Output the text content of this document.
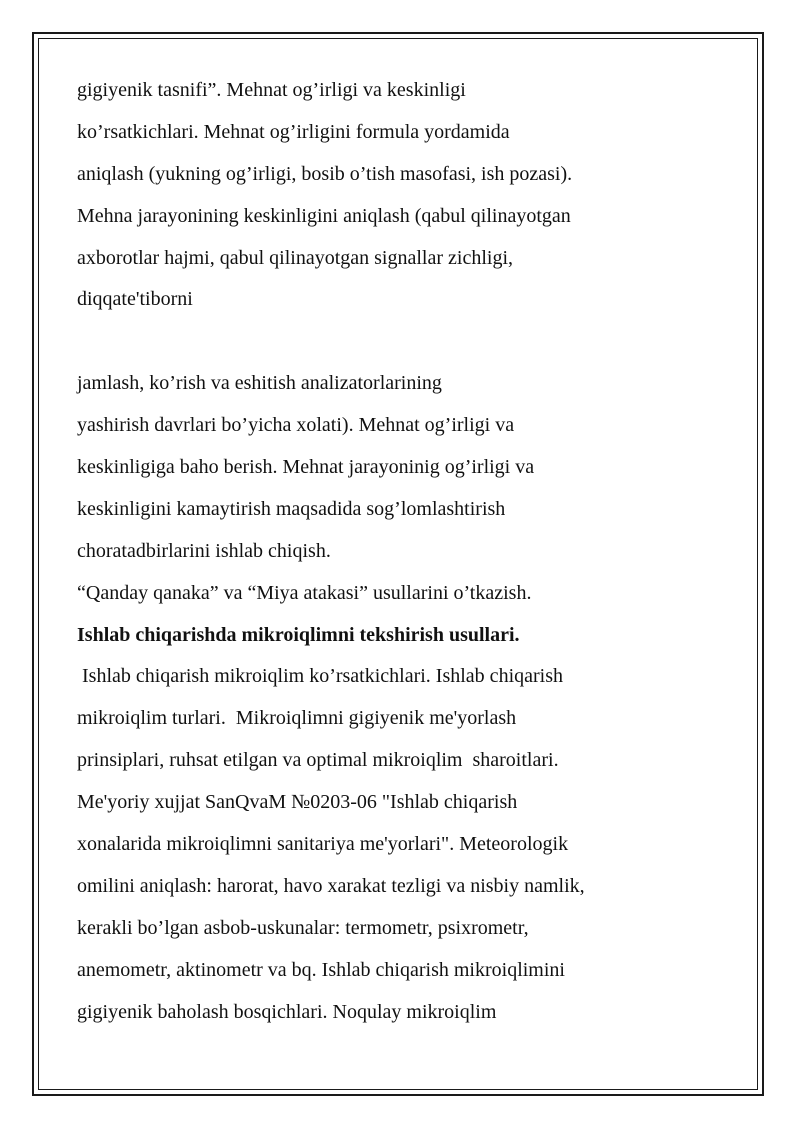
gigiyenik tasnifi”. Mehnat og’irligi va keskinligi
ko’rsatkichlari. Mehnat og’irligini formula yordamida
aniqlash (yukning og’irligi, bosib o’tish masofasi, ish pozasi).
Mehna jarayonining keskinligini aniqlash (qabul qilinayotgan
axborotlar hajmi, qabul qilinayotgan signallar zichligi,
diqqate'tiborni
jamlash, ko’rish va eshitish analizatorlarining
yashirish davrlari bo’yicha xolati). Mehnat og’irligi va
keskinligiga baho berish. Mehnat jarayoninig og’irligi va
keskinligini kamaytirish maqsadida sog’lomlashtirish
choratadbirlarini ishlab chiqish.
“Qanday qanaka” va “Miya atakasi” usullarini o’tkazish.
Ishlab chiqarishda mikroiqlimni tekshirish usullari.
Ishlab chiqarish mikroiqlim ko’rsatkichlari. Ishlab chiqarish
mikroiqlim turlari.  Mikroiqlimni gigiyenik me'yorlash
prinsiplari, ruhsat etilgan va optimal mikroiqlim  sharoitlari.
Me'yoriy xujjat SanQvaM №0203-06 "Ishlab chiqarish
xonalarida mikroiqlimni sanitariya me'yorlari". Meteorologik
omilini aniqlash: harorat, havo xarakat tezligi va nisbiy namlik,
kerakli bo’lgan asbob-uskunalar: termometr, psixrometr,
anemometr, aktinometr va bq. Ishlab chiqarish mikroiqlimini
gigiyenik baholash bosqichlari. Noqulay mikroiqlim
